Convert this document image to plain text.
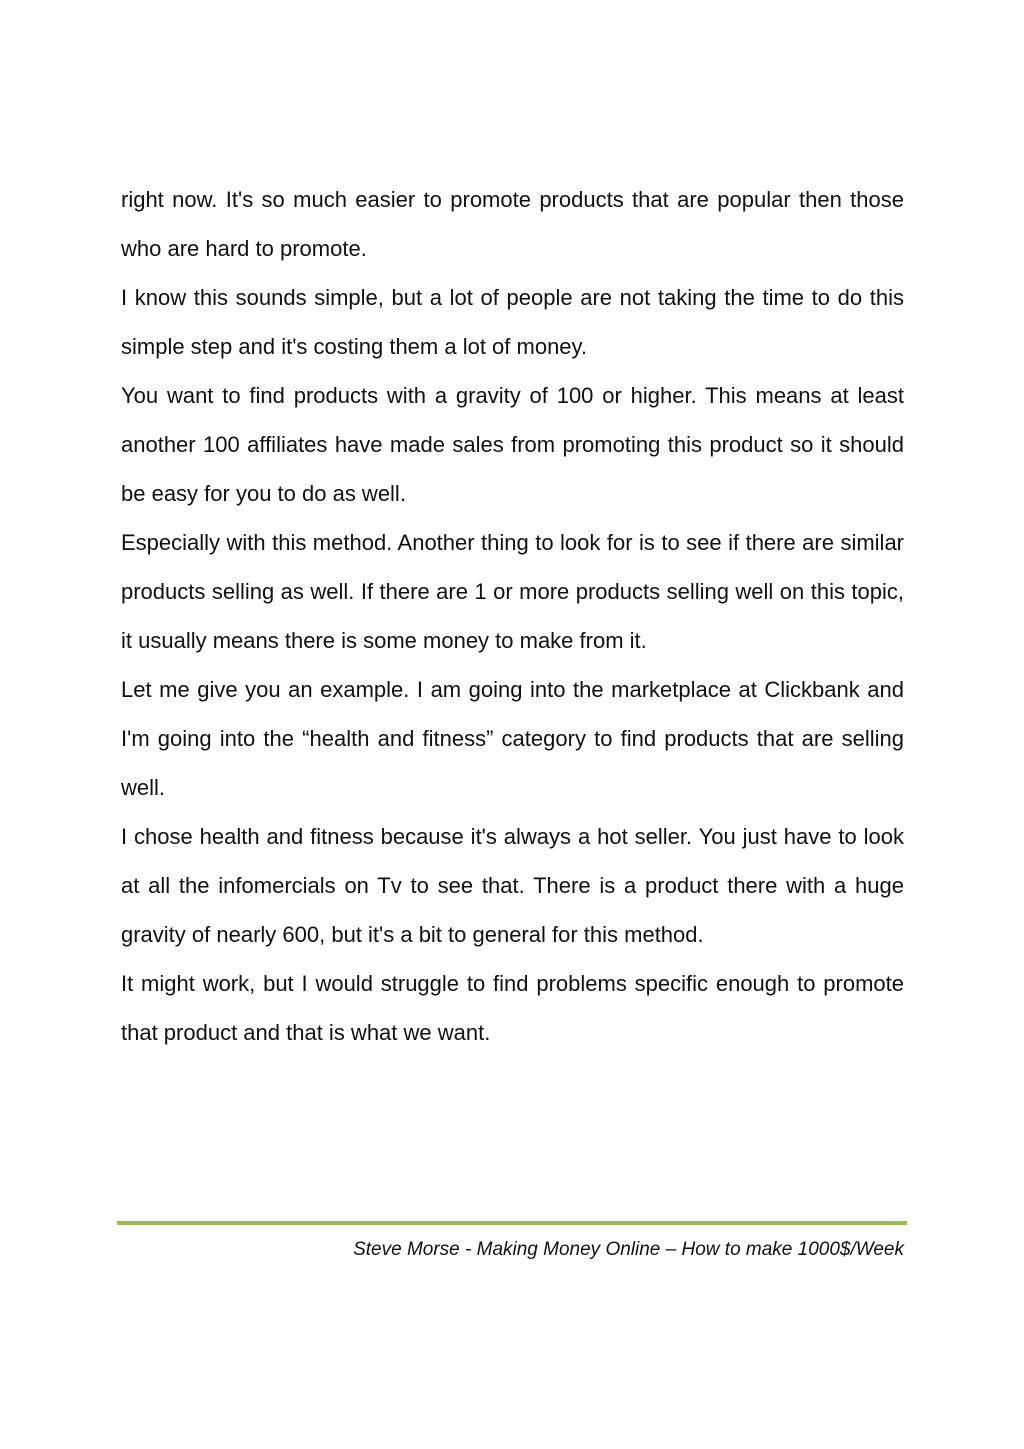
right now. It's so much easier to promote products that are popular then those who are hard to promote.

I know this sounds simple, but a lot of people are not taking the time to do this simple step and it's costing them a lot of money.

You want to find products with a gravity of 100 or higher. This means at least another 100 affiliates have made sales from promoting this product so it should be easy for you to do as well.

Especially with this method. Another thing to look for is to see if there are similar products selling as well. If there are 1 or more products selling well on this topic, it usually means there is some money to make from it.

Let me give you an example. I am going into the marketplace at Clickbank and I'm going into the “health and fitness” category to find products that are selling well.

I chose health and fitness because it's always a hot seller. You just have to look at all the infomercials on Tv to see that. There is a product there with a huge gravity of nearly 600, but it's a bit to general for this method.

It might work, but I would struggle to find problems specific enough to promote that product and that is what we want.

Steve Morse - Making Money Online – How to make 1000$/Week
